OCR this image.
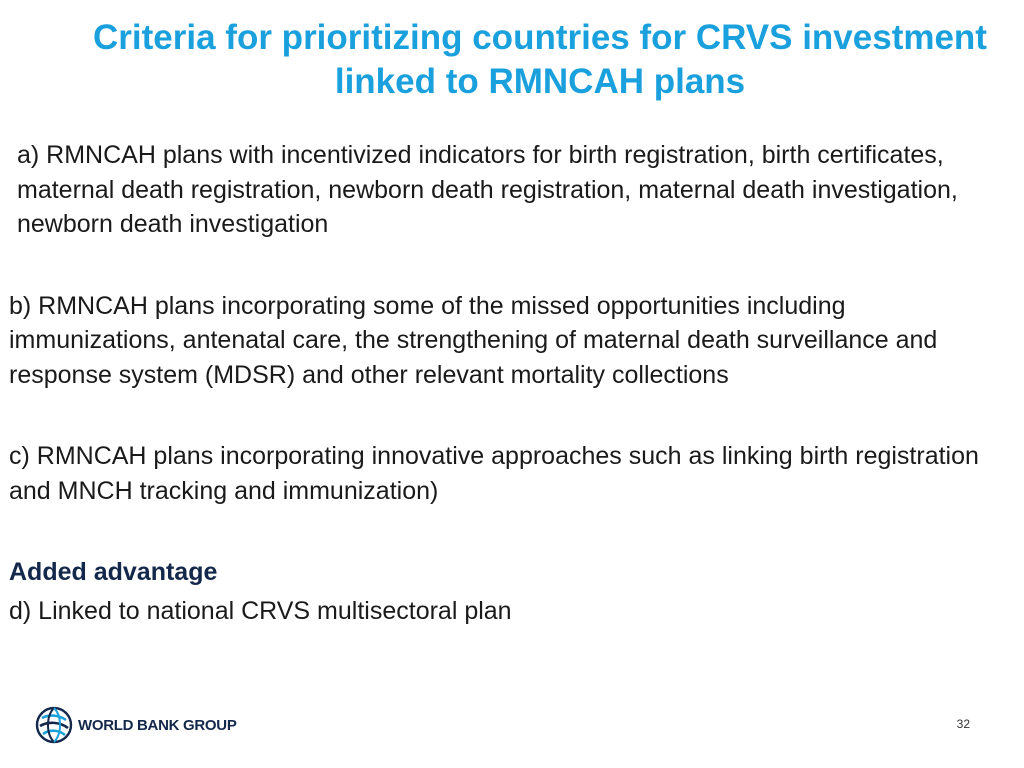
Criteria for prioritizing countries for CRVS investment
linked to RMNCAH plans

a) RMNCAH plans with incentivized indicators for birth registration, birth certificates, maternal death registration, newborn death registration, maternal death investigation, newborn death investigation

b) RMNCAH plans incorporating some of the missed opportunities including immunizations, antenatal care, the strengthening of maternal death surveillance and response system (MDSR) and other relevant mortality collections

c) RMNCAH plans incorporating innovative approaches such as linking birth registration and MNCH tracking and immunization)

Added advantage

d) Linked to national CRVS multisectoral plan

WORLD BANK GROUP	32
